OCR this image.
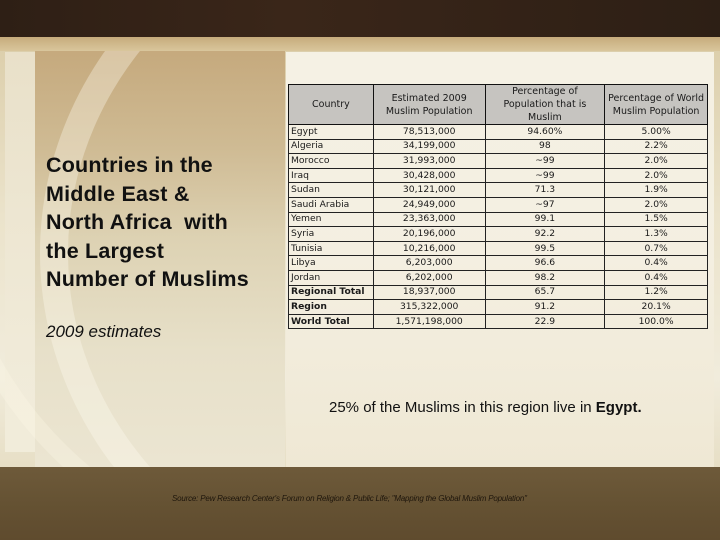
Countries in the
Middle East &
North Africa  with
the Largest
Number of Muslims
2009 estimates
Country	Estimated 2009 Muslim Population	Percentage of Population that is Muslim	Percentage of World Muslim Population
Egypt	78,513,000	94.60%	5.00%
Algeria	34,199,000	98	2.2%
Morocco	31,993,000	~99	2.0%
Iraq	30,428,000	~99	2.0%
Sudan	30,121,000	71.3	1.9%
Saudi Arabia	24,949,000	~97	2.0%
Yemen	23,363,000	99.1	1.5%
Syria	20,196,000	92.2	1.3%
Tunisia	10,216,000	99.5	0.7%
Libya	6,203,000	96.6	0.4%
Jordan	6,202,000	98.2	0.4%
Regional Total	18,937,000	65.7	1.2%
Region	315,322,000	91.2	20.1%
World Total	1,571,198,000	22.9	100.0%
25% of the Muslims in this region live in Egypt.
Source: Pew Research Center's Forum on Religion & Public Life; "Mapping the Global Muslim Population"
